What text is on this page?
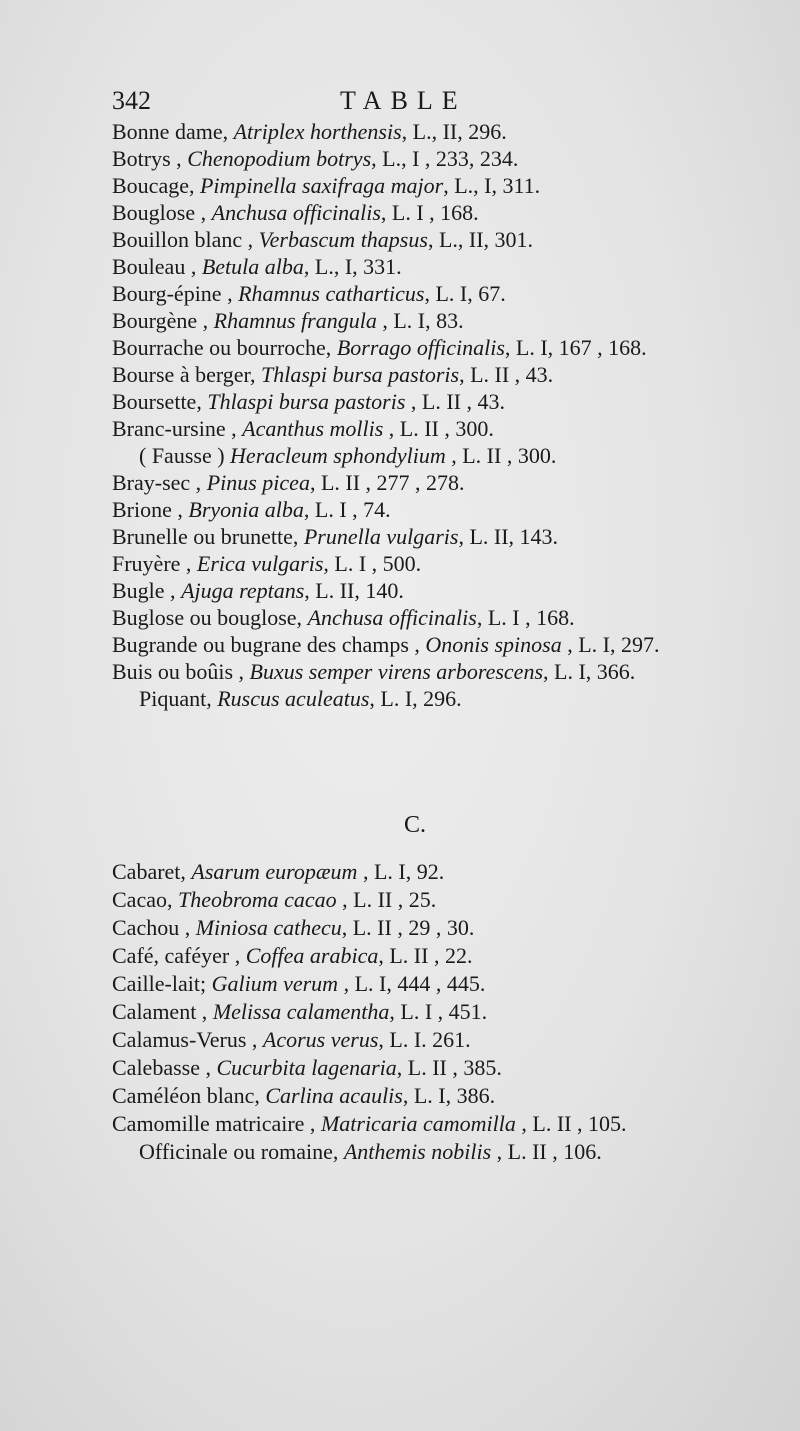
342	TABLE
Bonne dame, Atriplex horthensis, L., II, 296.
Botrys , Chenopodium botrys, L., I , 233, 234.
Boucage, Pimpinella saxifraga major, L., I, 311.
Bouglose , Anchusa officinalis, L. I , 168.
Bouillon blanc , Verbascum thapsus, L., II, 301.
Bouleau , Betula alba, L., I, 331.
Bourg-épine , Rhamnus catharticus, L. I, 67.
Bourgène , Rhamnus frangula , L. I, 83.
Bourrache ou bourroche, Borrago officinalis, L. I, 167 , 168.
Bourse à berger, Thlaspi bursa pastoris, L. II , 43.
Boursette, Thlaspi bursa pastoris , L. II , 43.
Branc-ursine , Acanthus mollis , L. II , 300.
( Fausse ) Heracleum sphondylium , L. II , 300.
Bray-sec , Pinus picea, L. II , 277 , 278.
Brione , Bryonia alba, L. I , 74.
Brunelle ou brunette, Prunella vulgaris, L. II, 143.
Fruyère , Erica vulgaris, L. I , 500.
Bugle , Ajuga reptans, L. II, 140.
Buglose ou bouglose, Anchusa officinalis, L. I , 168.
Bugrande ou bugrane des champs , Ononis spinosa , L. I, 297.
Buis ou boûis , Buxus semper virens arborescens, L. I, 366.
Piquant, Ruscus aculeatus, L. I, 296.
C.
Cabaret, Asarum europæum , L. I, 92.
Cacao, Theobroma cacao , L. II , 25.
Cachou , Miniosa cathecu, L. II , 29 , 30.
Café, caféyer , Coffea arabica, L. II , 22.
Caille-lait; Galium verum , L. I, 444 , 445.
Calament , Melissa calamentha, L. I , 451.
Calamus-Verus , Acorus verus, L. I. 261.
Calebasse , Cucurbita lagenaria, L. II , 385.
Caméléon blanc, Carlina acaulis, L. I, 386.
Camomille matricaire , Matricaria camomilla , L. II , 105.
Officinale ou romaine, Anthemis nobilis , L. II , 106.
